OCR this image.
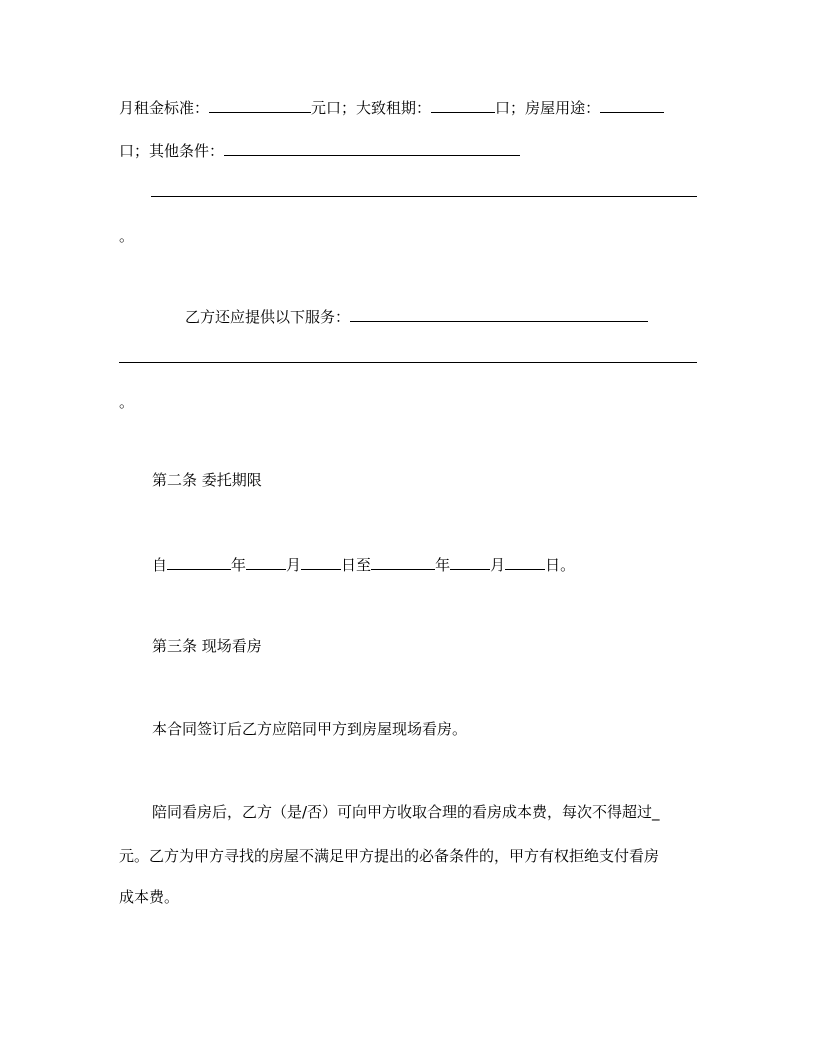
月租金标准：	元口；大致租期：	口；房屋用途：
口；其他条件：
。
乙方还应提供以下服务：
。
第二条 委托期限
自	年	月	日至	年	月	日。
第三条 现场看房
本合同签订后乙方应陪同甲方到房屋现场看房。
陪同看房后，乙方（是/否）可向甲方收取合理的看房成本费，每次不得超过_
元。乙方为甲方寻找的房屋不满足甲方提出的必备条件的，甲方有权拒绝支付看房
成本费。
